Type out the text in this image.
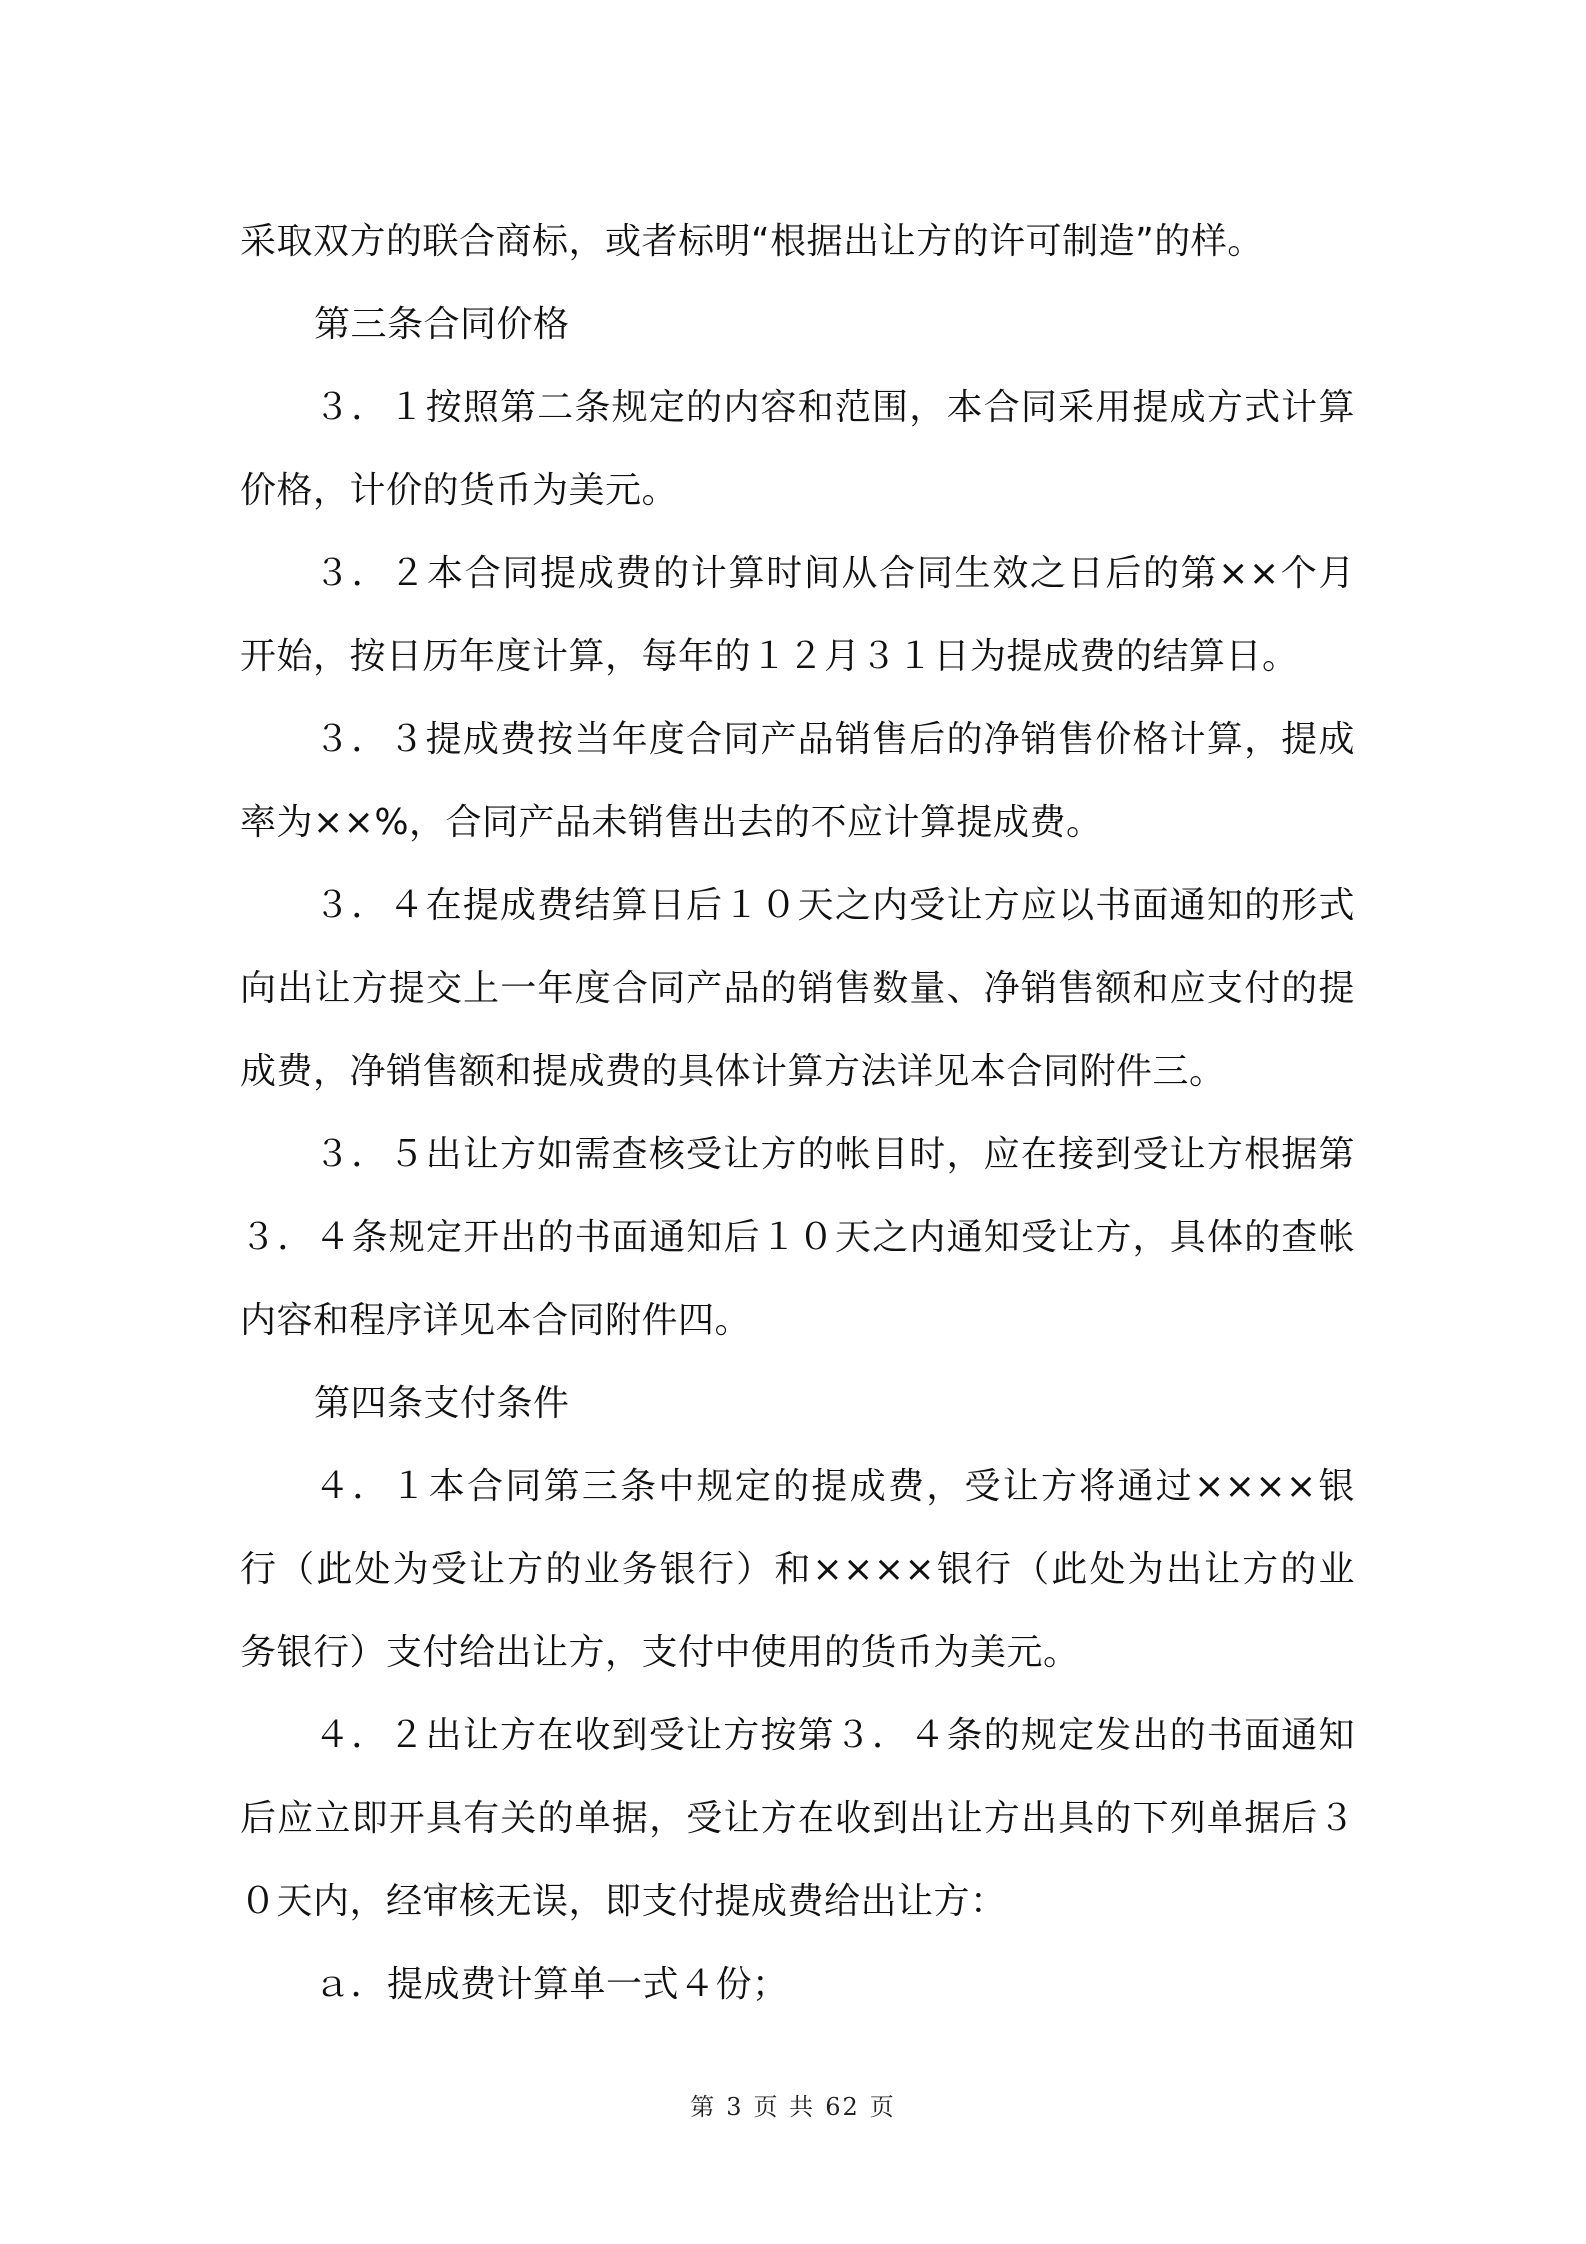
采取双方的联合商标，或者标明“根据出让方的许可制造”的样。
第三条合同价格
３．１按照第二条规定的内容和范围，本合同采用提成方式计算
价格，计价的货币为美元。
３．２本合同提成费的计算时间从合同生效之日后的第××个月
开始，按日历年度计算，每年的１２月３１日为提成费的结算日。
３．３提成费按当年度合同产品销售后的净销售价格计算，提成
率为××%，合同产品未销售出去的不应计算提成费。
３．４在提成费结算日后１０天之内受让方应以书面通知的形式
向出让方提交上一年度合同产品的销售数量、净销售额和应支付的提
成费，净销售额和提成费的具体计算方法详见本合同附件三。
３．５出让方如需查核受让方的帐目时，应在接到受让方根据第
３．４条规定开出的书面通知后１０天之内通知受让方，具体的查帐
内容和程序详见本合同附件四。
第四条支付条件
４．１本合同第三条中规定的提成费，受让方将通过××××银
行（此处为受让方的业务银行）和××××银行（此处为出让方的业
务银行）支付给出让方，支付中使用的货币为美元。
４．２出让方在收到受让方按第３．４条的规定发出的书面通知
后应立即开具有关的单据，受让方在收到出让方出具的下列单据后３
０天内，经审核无误，即支付提成费给出让方：
ａ．提成费计算单一式４份；
第 3 页 共 62 页
